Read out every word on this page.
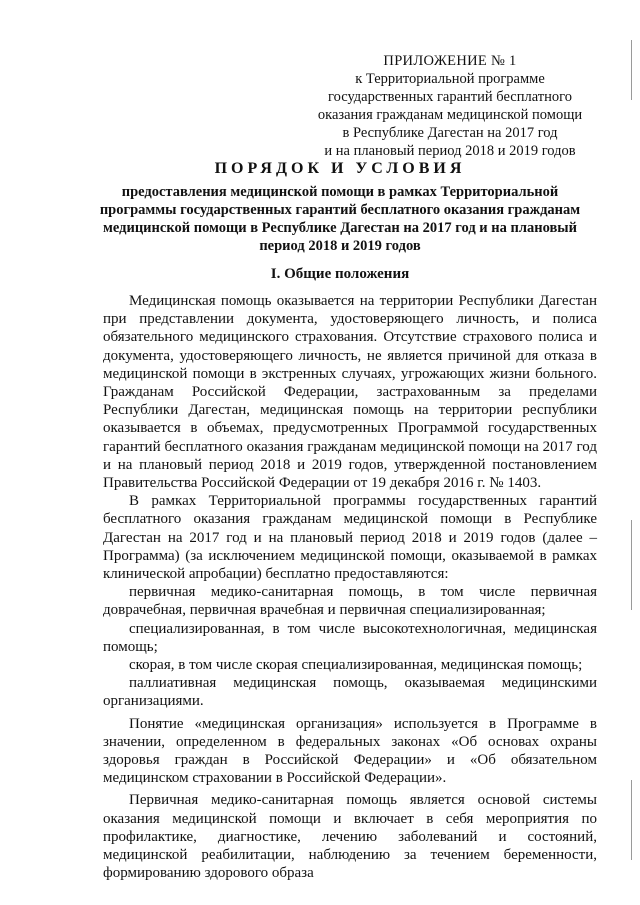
ПРИЛОЖЕНИЕ № 1
к Территориальной программе
государственных гарантий бесплатного
оказания гражданам медицинской помощи
в Республике Дагестан на 2017 год
и на плановый период 2018 и 2019 годов
ПОРЯДОК И УСЛОВИЯ
предоставления медицинской помощи в рамках Территориальной
программы государственных гарантий бесплатного оказания гражданам
медицинской помощи в Республике Дагестан на 2017 год и на плановый
период 2018 и 2019 годов
I. Общие положения

Медицинская помощь оказывается на территории Республики Дагестан при представлении документа, удостоверяющего личность, и полиса обязательного медицинского страхования. Отсутствие страхового полиса и документа, удостоверяющего личность, не является причиной для отказа в медицинской помощи в экстренных случаях, угрожающих жизни больного. Гражданам Российской Федерации, застрахованным за пределами Республики Дагестан, медицинская помощь на территории республики оказывается в объемах, предусмотренных Программой государственных гарантий бесплатного оказания гражданам медицинской помощи на 2017 год и на плановый период 2018 и 2019 годов, утвержденной постановлением Правительства Российской Федерации от 19 декабря 2016 г. № 1403.

В рамках Территориальной программы государственных гарантий бесплатного оказания гражданам медицинской помощи в Республике Дагестан на 2017 год и на плановый период 2018 и 2019 годов (далее – Программа) (за исключением медицинской помощи, оказываемой в рамках клинической апробации) бесплатно предоставляются:

первичная медико-санитарная помощь, в том числе первичная доврачебная, первичная врачебная и первичная специализированная;

специализированная, в том числе высокотехнологичная, медицинская помощь;

скорая, в том числе скорая специализированная, медицинская помощь;

паллиативная медицинская помощь, оказываемая медицинскими организациями.

Понятие «медицинская организация» используется в Программе в значении, определенном в федеральных законах «Об основах охраны здоровья граждан в Российской Федерации» и «Об обязательном медицинском страховании в Российской Федерации».

Первичная медико-санитарная помощь является основой системы оказания медицинской помощи и включает в себя мероприятия по профилактике, диагностике, лечению заболеваний и состояний, медицинской реабилитации, наблюдению за течением беременности, формированию здорового образа
